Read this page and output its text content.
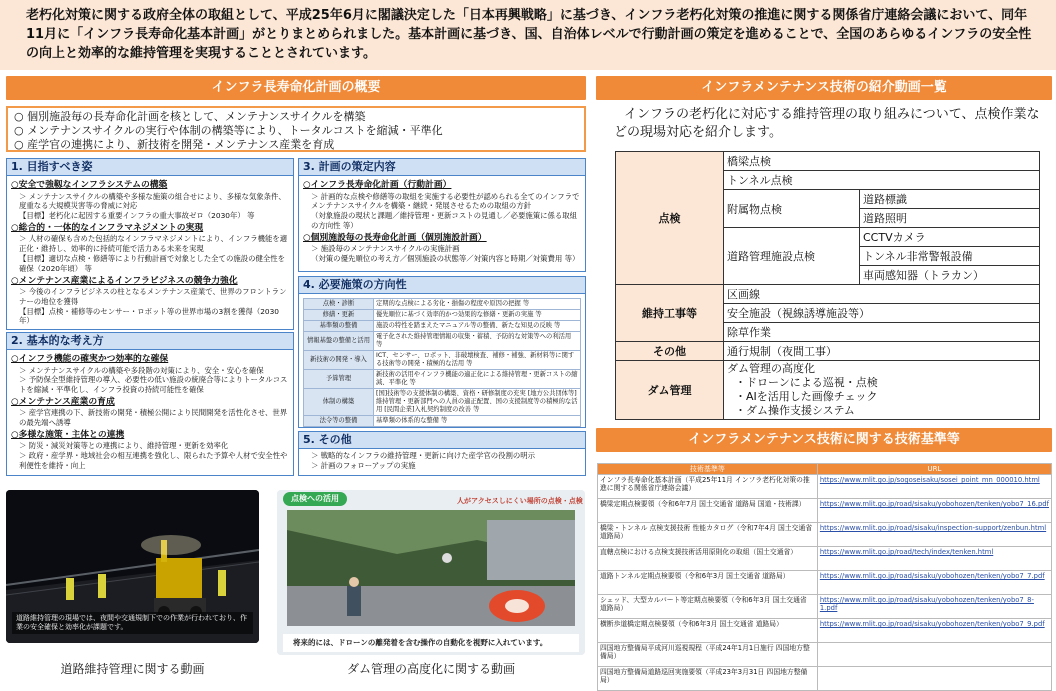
老朽化対策に関する政府全体の取組として、平成25年6月に閣議決定した「日本再興戦略」に基づき、インフラ老朽化対策の推進に関する関係省庁連絡会議において、同年11月に「インフラ長寿命化基本計画」がとりまとめられました。基本計画に基づき、国、自治体レベルで行動計画の策定を進めることで、全国のあらゆるインフラの安全性の向上と効率的な維持管理を実現することとされています。
インフラ長寿命化計画の概要
○ 個別施設毎の長寿命化計画を核として、メンテナンスサイクルを構築
○ メンテナンスサイクルの実行や体制の構築等により、トータルコストを縮減・平準化
○ 産学官の連携により、新技術を開発・メンテナンス産業を育成
1. 目指すべき姿
○安全で強靱なインフラシステムの構築
＞ メンテナンスサイクルの構築や多様な施策の組合せにより、多様な気象条件、度重なる大規模災害等の脅威に対応
【目標】老朽化に起因する重要インフラの重大事故ゼロ（2030年） 等
○総合的・一体的なインフラマネジメントの実現
＞ 人材の確保も含めた包括的なインフラマネジメントにより、インフラ機能を適正化・維持し、効率的に持続可能で活力ある未来を実現
【目標】適切な点検・修繕等により行動計画で対象とした全ての施設の健全性を確保（2020年頃） 等
○メンテナンス産業によるインフラビジネスの競争力強化
＞ 今後のインフラビジネスの柱となるメンテナンス産業で、世界のフロントランナーの地位を獲得
【目標】点検・補修等のセンサー・ロボット等の世界市場の3割を獲得（2030年）
2. 基本的な考え方
○インフラ機能の確実かつ効率的な確保
＞ メンテナンスサイクルの構築や多段階の対策により、安全・安心を確保
＞ 予防保全型維持管理の導入、必要性の低い施設の統廃合等によりトータルコストを縮減・平準化し、インフラ投資の持続可能性を確保
○メンテナンス産業の育成
＞ 産学官連携の下、新技術の開発・積極公開により民間開発を活性化させ、世界の最先端へ誘導
○多様な施策・主体との連携
＞ 防災・減災対策等との連携により、維持管理・更新を効率化
＞ 政府・産学界・地域社会の相互連携を強化し、限られた予算や人材で安全性や利便性を維持・向上
3. 計画の策定内容
○インフラ長寿命化計画（行動計画）
＞ 計画的な点検や修繕等の取組を実施する必要性が認められる全てのインフラでメンテナンスサイクルを構築・継続・発展させるための取組の方針
（対象施設の現状と課題／維持管理・更新コストの見通し／必要施策に係る取組の方向性 等）
○個別施設毎の長寿命化計画（個別施設計画）
＞ 施設毎のメンテナンスサイクルの実施計画
（対策の優先順位の考え方／個別施設の状態等／対策内容と時期／対策費用 等）
4. 必要施策の方向性
点検・診断	定期的な点検による劣化・損傷の程度や原因の把握 等
修繕・更新	優先順位に基づく効率的かつ効果的な修繕・更新の実施 等
基準類の整備	施設の特性を踏まえたマニュアル等の整備、新たな知見の反映 等
情報基盤の整備と活用	電子化された維持管理情報の収集・蓄積、予防的な対策等への利活用 等
新技術の開発・導入	ICT、センサー、ロボット、非破壊検査、補修・補強、新材料等に関する技術等の開発・積極的な活用 等
予算管理	新技術の活用やインフラ機能の適正化による維持管理・更新コストの縮減、平準化 等
体制の構築	[国]技術等の支援体制の構築、資格・研修制度の充実 [地方公共団体等]維持管理・更新部門への人員の適正配置、国の支援制度等の積極的な活用 [民間企業]入札契約制度の改善 等
法令等の整備	基準類の体系的な整備 等
5. その他
＞ 戦略的なインフラの維持管理・更新に向けた産学官の役割の明示
＞ 計画のフォローアップの実施
道路維持管理の現場では、夜間や交通規制下での作業が行われており、作業の安全確保と効率化が課題です。
道路維持管理に関する動画
点検への活用	人がアクセスしにくい場所の点検・点検
将来的には、ドローンの離発着を含む操作の自動化を視野に入れています。
ダム管理の高度化に関する動画
インフラメンテナンス技術の紹介動画一覧
インフラの老朽化に対応する維持管理の取り組みについて、点検作業などの現場対応を紹介します。
点検	橋梁点検	
	トンネル点検	
	附属物点検	道路標識
		道路照明
	道路管理施設点検	CCTVカメラ
		トンネル非常警報設備
		車両感知器（トラカン）
維持工事等	区画線	
	安全施設（視線誘導施設等）	
	除草作業	
その他	通行規制（夜間工事）	
ダム管理	ダム管理の高度化
・ドローンによる巡視・点検
・AIを活用した画像チェック
・ダム操作支援システム	
インフラメンテナンス技術に関する技術基準等
技術基準等	URL
インフラ長寿命化基本計画（平成25年11月 インフラ老朽化対策の推進に関する関係省庁連絡会議）	https://www.mlit.go.jp/sogoseisaku/sosei_point_mn_000010.html
橋梁定期点検要領（令和6年7月 国土交通省 道路局 国道・技術課）	https://www.mlit.go.jp/road/sisaku/yobohozen/tenken/yobo7_16.pdf
橋梁・トンネル 点検支援技術 性能カタログ（令和7年4月 国土交通省 道路局）	https://www.mlit.go.jp/road/sisaku/inspection-support/zenbun.html
直轄点検における点検支援技術活用原則化の取組（国土交通省）	https://www.mlit.go.jp/road/tech/index/tenken.html
道路トンネル定期点検要領（令和6年3月 国土交通省 道路局）	https://www.mlit.go.jp/road/sisaku/yobohozen/tenken/yobo7_7.pdf
シェッド、大型カルバート等定期点検要領（令和6年3月 国土交通省 道路局）	https://www.mlit.go.jp/road/sisaku/yobohozen/tenken/yobo7_8-1.pdf
横断歩道橋定期点検要領（令和6年3月 国土交通省 道路局）	https://www.mlit.go.jp/road/sisaku/yobohozen/tenken/yobo7_9.pdf
四国地方整備局平成河川巡視規程（平成24年1月1日施行 四国地方整備局）	
四国地方整備局道路巡回実施要領（平成23年3月31日 四国地方整備局）	
